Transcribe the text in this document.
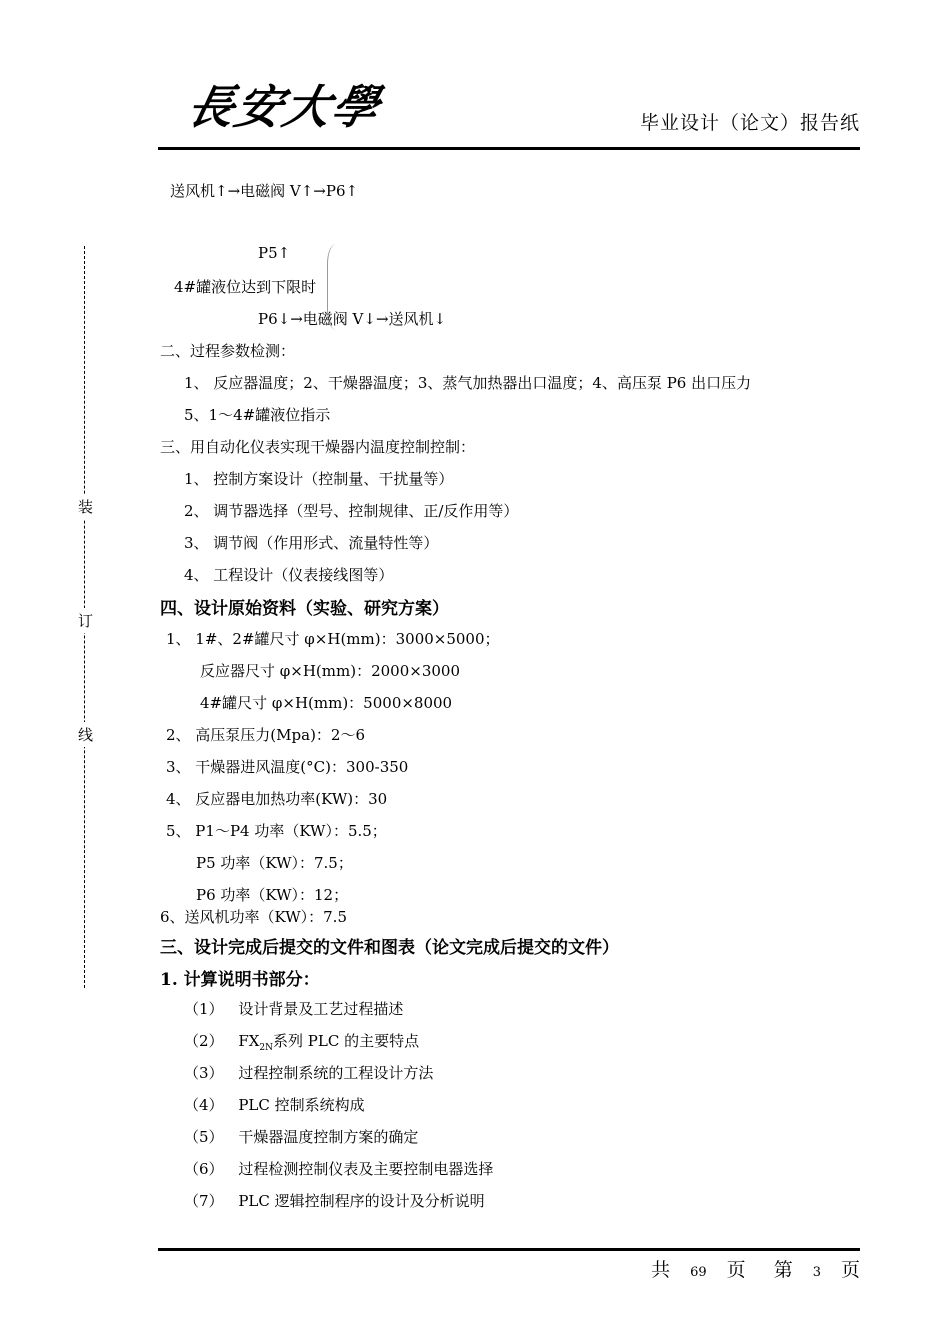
長安大學	毕业设计（论文）报告纸
装
订
线
送风机↑→电磁阀 V↑→P6↑
P5↑
4#罐液位达到下限时
P6↓→电磁阀 V↓→送风机↓
二、过程参数检测：
1、 反应器温度；2、干燥器温度；3、蒸气加热器出口温度；4、高压泵 P6 出口压力
5、1～4#罐液位指示
三、用自动化仪表实现干燥器内温度控制控制：
1、 控制方案设计（控制量、干扰量等）
2、 调节器选择（型号、控制规律、正/反作用等）
3、 调节阀（作用形式、流量特性等）
4、 工程设计（仪表接线图等）
四、设计原始资料（实验、研究方案）
1、 1#、2#罐尺寸 φ×H(mm)：3000×5000；
反应器尺寸 φ×H(mm)：2000×3000
4#罐尺寸 φ×H(mm)：5000×8000
2、 高压泵压力(Mpa)：2～6
3、 干燥器进风温度(°C)：300-350
4、 反应器电加热功率(KW)：30
5、 P1～P4 功率（KW）：5.5；
P5 功率（KW）：7.5；
P6 功率（KW）：12；
6、送风机功率（KW）：7.5
三、设计完成后提交的文件和图表（论文完成后提交的文件）
1. 计算说明书部分：
（1） 设计背景及工艺过程描述
（2） $FX_{2N}$系列 PLC 的主要特点
（3） 过程控制系统的工程设计方法
（4） PLC 控制系统构成
（5） 干燥器温度控制方案的确定
（6） 过程检测控制仪表及主要控制电器选择
（7） PLC 逻辑控制程序的设计及分析说明
共 69 页 第 3 页
